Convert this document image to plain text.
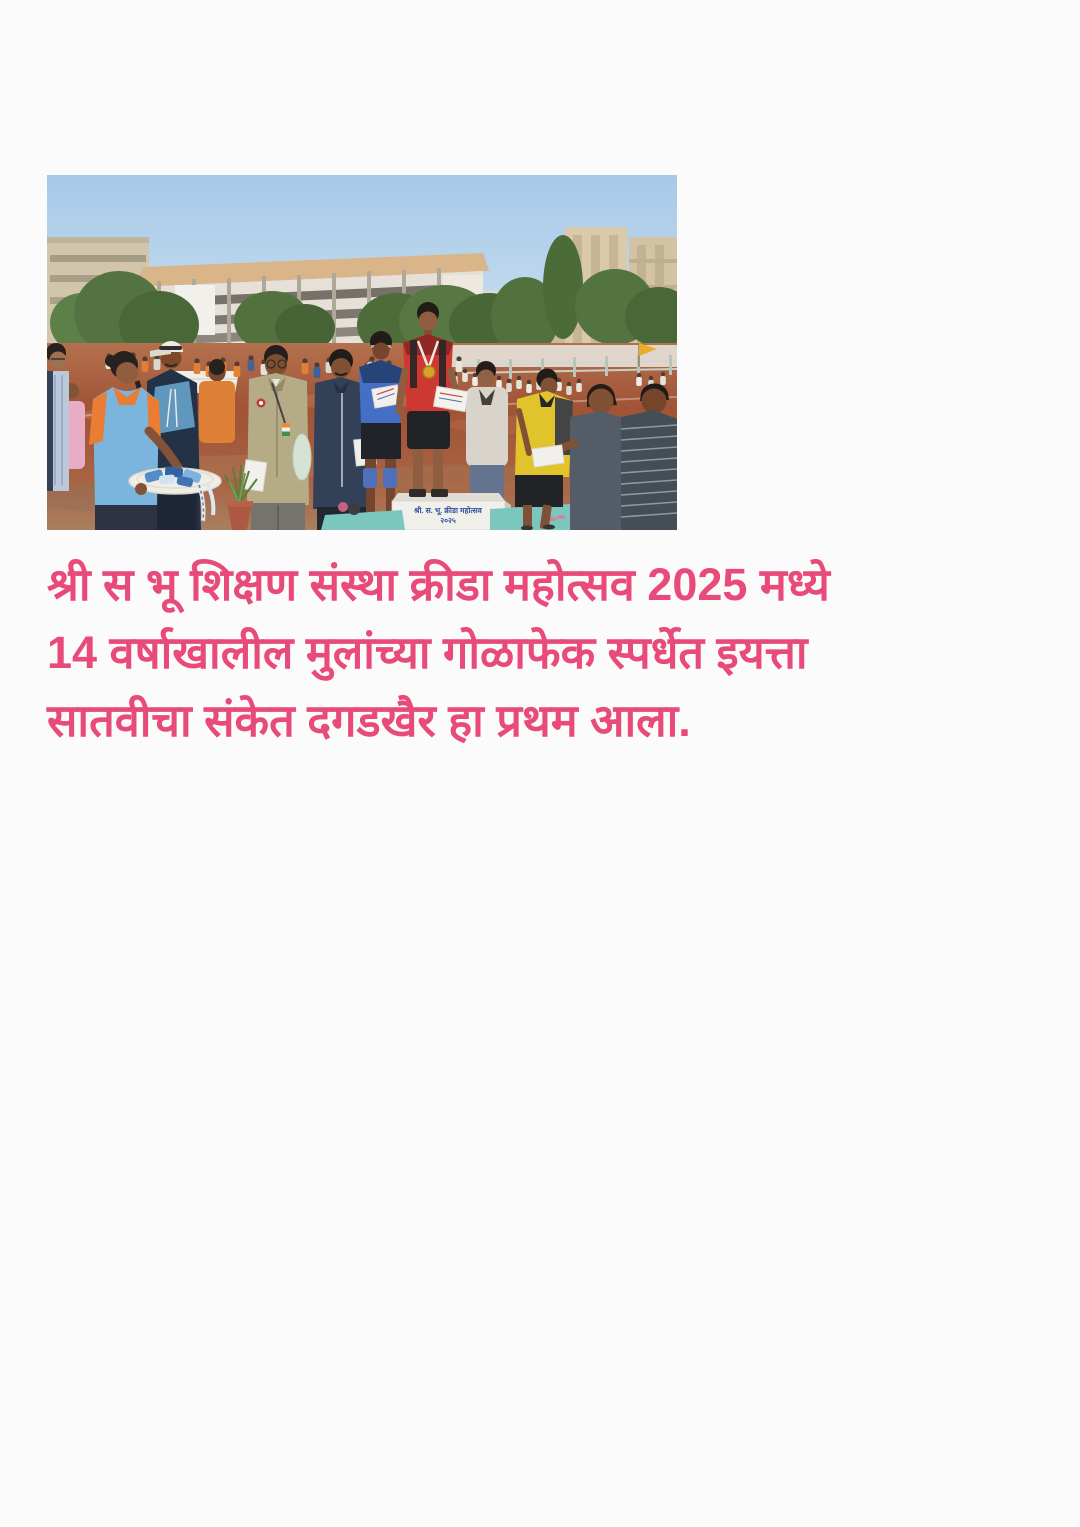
श्री. स. भू. क्रीडा महोत्सव
२०२५
श्री स भू शिक्षण संस्था क्रीडा महोत्सव 2025 मध्ये
14 वर्षाखालील मुलांच्या गोळाफेक स्पर्धेत इयत्ता
सातवीचा संकेत दगडखैर हा प्रथम आला.
